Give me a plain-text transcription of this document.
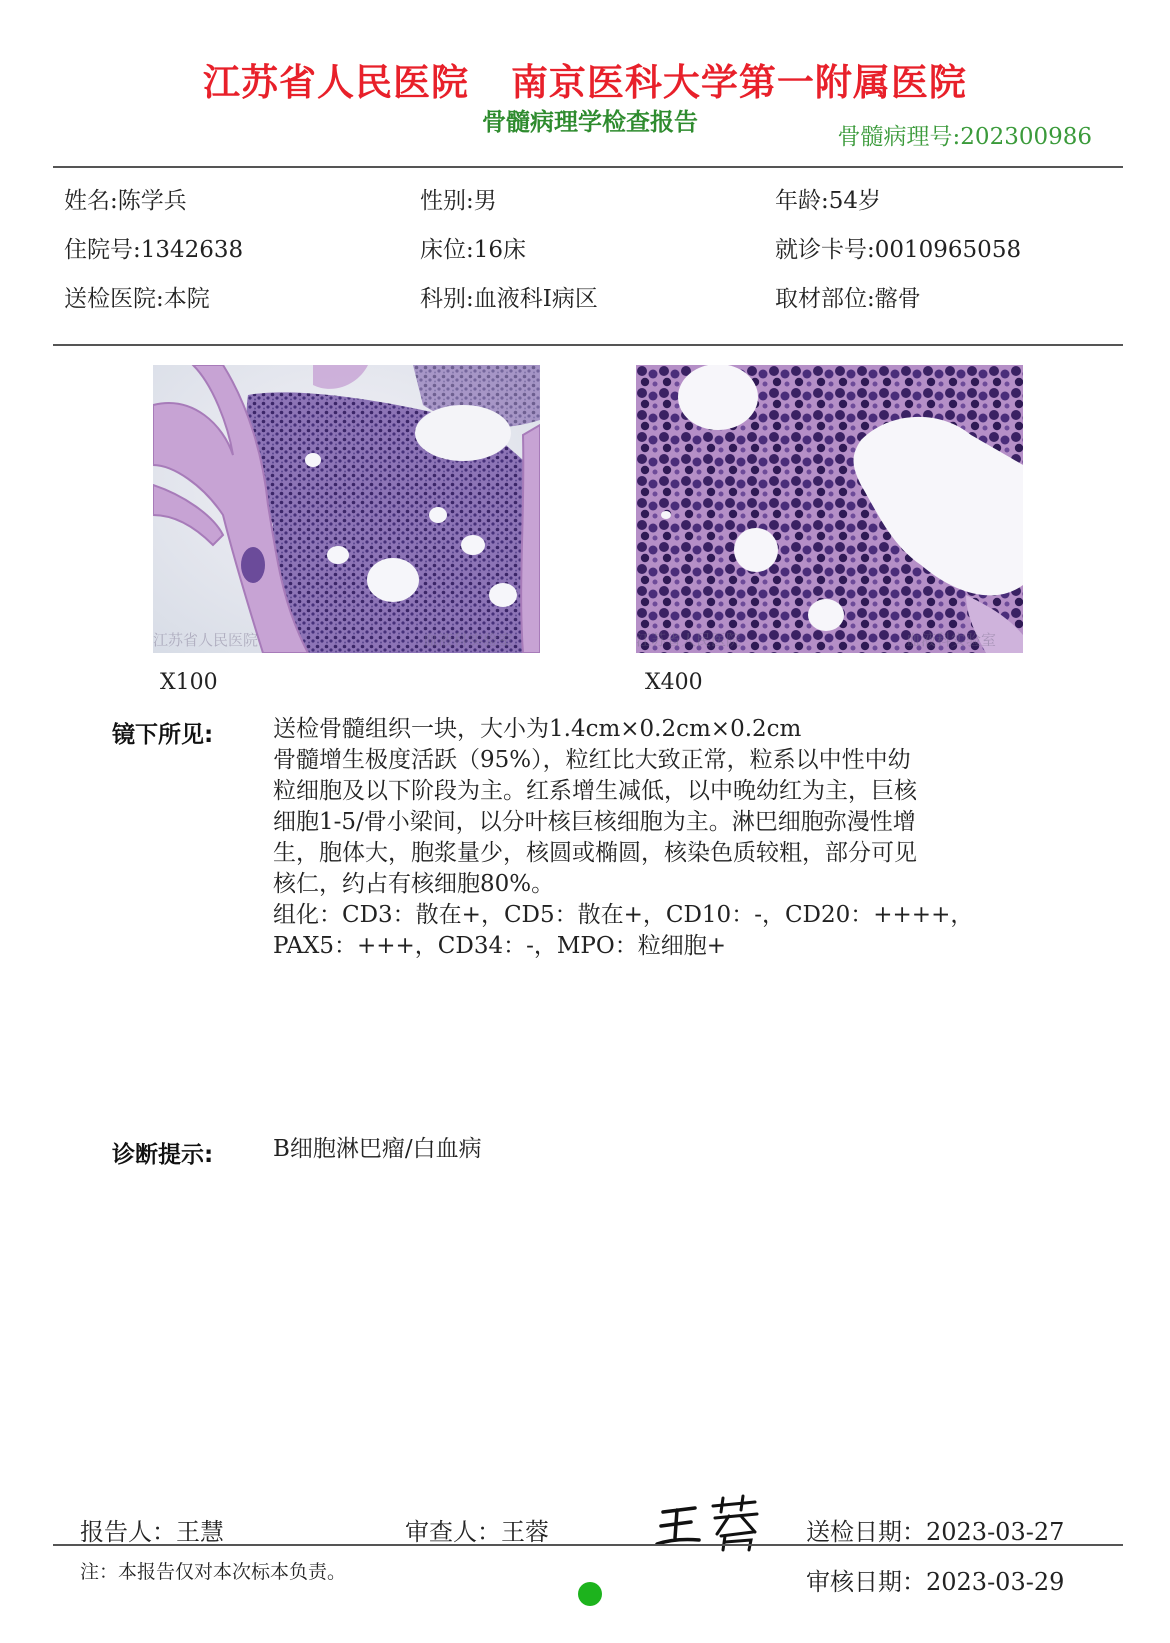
江苏省人民医院 南京医科大学第一附属医院
骨髓病理学检查报告
骨髓病理号:202300986
姓名:陈学兵	性别:男	年龄:54岁
住院号:1342638	床位:16床	就诊卡号:0010965058
送检医院:本院	科别:血液科I病区	取材部位:髂骨
江苏省人民医院	血液科实验室
X100
江苏省人民医院	血液科实验室
X400
镜下所见:	送检骨髓组织一块，大小为1.4cm×0.2cm×0.2cm
骨髓增生极度活跃（95%），粒红比大致正常，粒系以中性中幼
粒细胞及以下阶段为主。红系增生减低，以中晚幼红为主，巨核
细胞1-5/骨小梁间，以分叶核巨核细胞为主。淋巴细胞弥漫性增
生，胞体大，胞浆量少，核圆或椭圆，核染色质较粗，部分可见
核仁，约占有核细胞80%。
组化：CD3：散在+，CD5：散在+，CD10：-，CD20：++++，
PAX5：+++，CD34：-，MPO：粒细胞+
诊断提示:	B细胞淋巴瘤/白血病
报告人：王慧	审查人：王蓉	送检日期：2023-03-27
注：本报告仅对本次标本负责。	审核日期：2023-03-29
